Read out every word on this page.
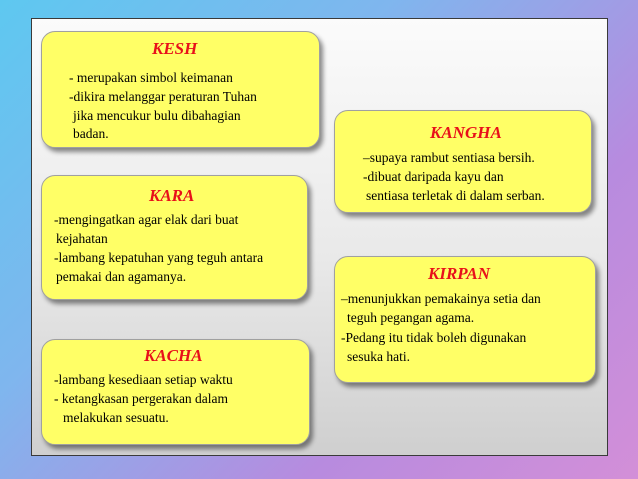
KESH
- merupakan simbol keimanan
-dikira melanggar peraturan Tuhan
jika mencukur bulu dibahagian
badan.
KARA
-mengingatkan agar elak dari buat
kejahatan
-lambang kepatuhan yang teguh antara
pemakai dan agamanya.
KACHA
-lambang kesediaan setiap waktu
- ketangkasan pergerakan dalam
melakukan sesuatu.
KANGHA
–supaya rambut sentiasa bersih.
-dibuat daripada kayu dan
sentiasa terletak di dalam serban.
KIRPAN
–menunjukkan pemakainya setia dan
teguh pegangan agama.
-Pedang itu tidak boleh digunakan
sesuka hati.
